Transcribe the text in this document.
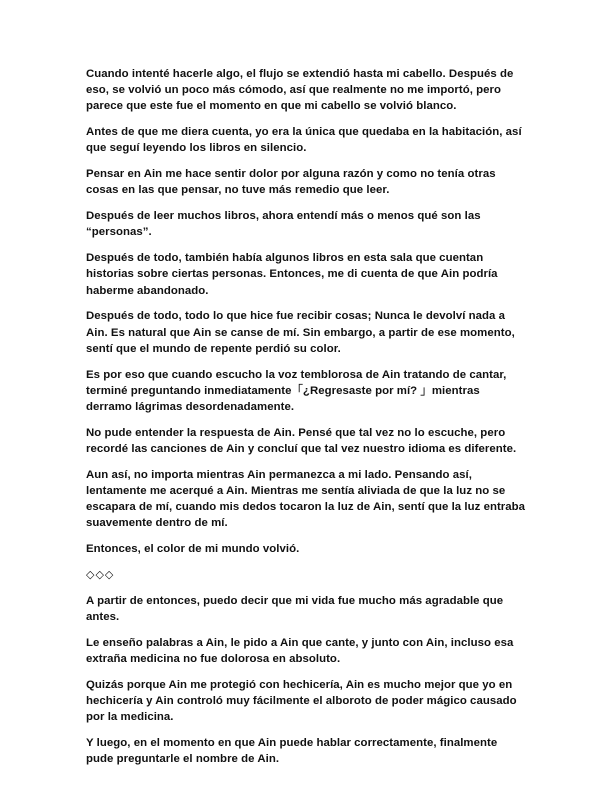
Cuando intenté hacerle algo, el flujo se extendió hasta mi cabello. Después de eso, se volvió un poco más cómodo, así que realmente no me importó, pero parece que este fue el momento en que mi cabello se volvió blanco.

Antes de que me diera cuenta, yo era la única que quedaba en la habitación, así que seguí leyendo los libros en silencio.

Pensar en Ain me hace sentir dolor por alguna razón y como no tenía otras cosas en las que pensar, no tuve más remedio que leer.

Después de leer muchos libros, ahora entendí más o menos qué son las “personas”.

Después de todo, también había algunos libros en esta sala que cuentan historias sobre ciertas personas. Entonces, me di cuenta de que Ain podría haberme abandonado.

Después de todo, todo lo que hice fue recibir cosas; Nunca le devolví nada a Ain. Es natural que Ain se canse de mí. Sin embargo, a partir de ese momento, sentí que el mundo de repente perdió su color.

Es por eso que cuando escucho la voz temblorosa de Ain tratando de cantar, terminé preguntando inmediatamente「¿Regresaste por mí? 」mientras derramo lágrimas desordenadamente.

No pude entender la respuesta de Ain. Pensé que tal vez no lo escuche, pero recordé las canciones de Ain y concluí que tal vez nuestro idioma es diferente.

Aun así, no importa mientras Ain permanezca a mi lado. Pensando así, lentamente me acerqué a Ain. Mientras me sentía aliviada de que la luz no se escapara de mí, cuando mis dedos tocaron la luz de Ain, sentí que la luz entraba suavemente dentro de mí.

Entonces, el color de mi mundo volvió.

◇◇◇

A partir de entonces, puedo decir que mi vida fue mucho más agradable que antes.

Le enseño palabras a Ain, le pido a Ain que cante, y junto con Ain, incluso esa extraña medicina no fue dolorosa en absoluto.

Quizás porque Ain me protegió con hechicería, Ain es mucho mejor que yo en hechicería y Ain controló muy fácilmente el alboroto de poder mágico causado por la medicina.

Y luego, en el momento en que Ain puede hablar correctamente, finalmente pude preguntarle el nombre de Ain.
